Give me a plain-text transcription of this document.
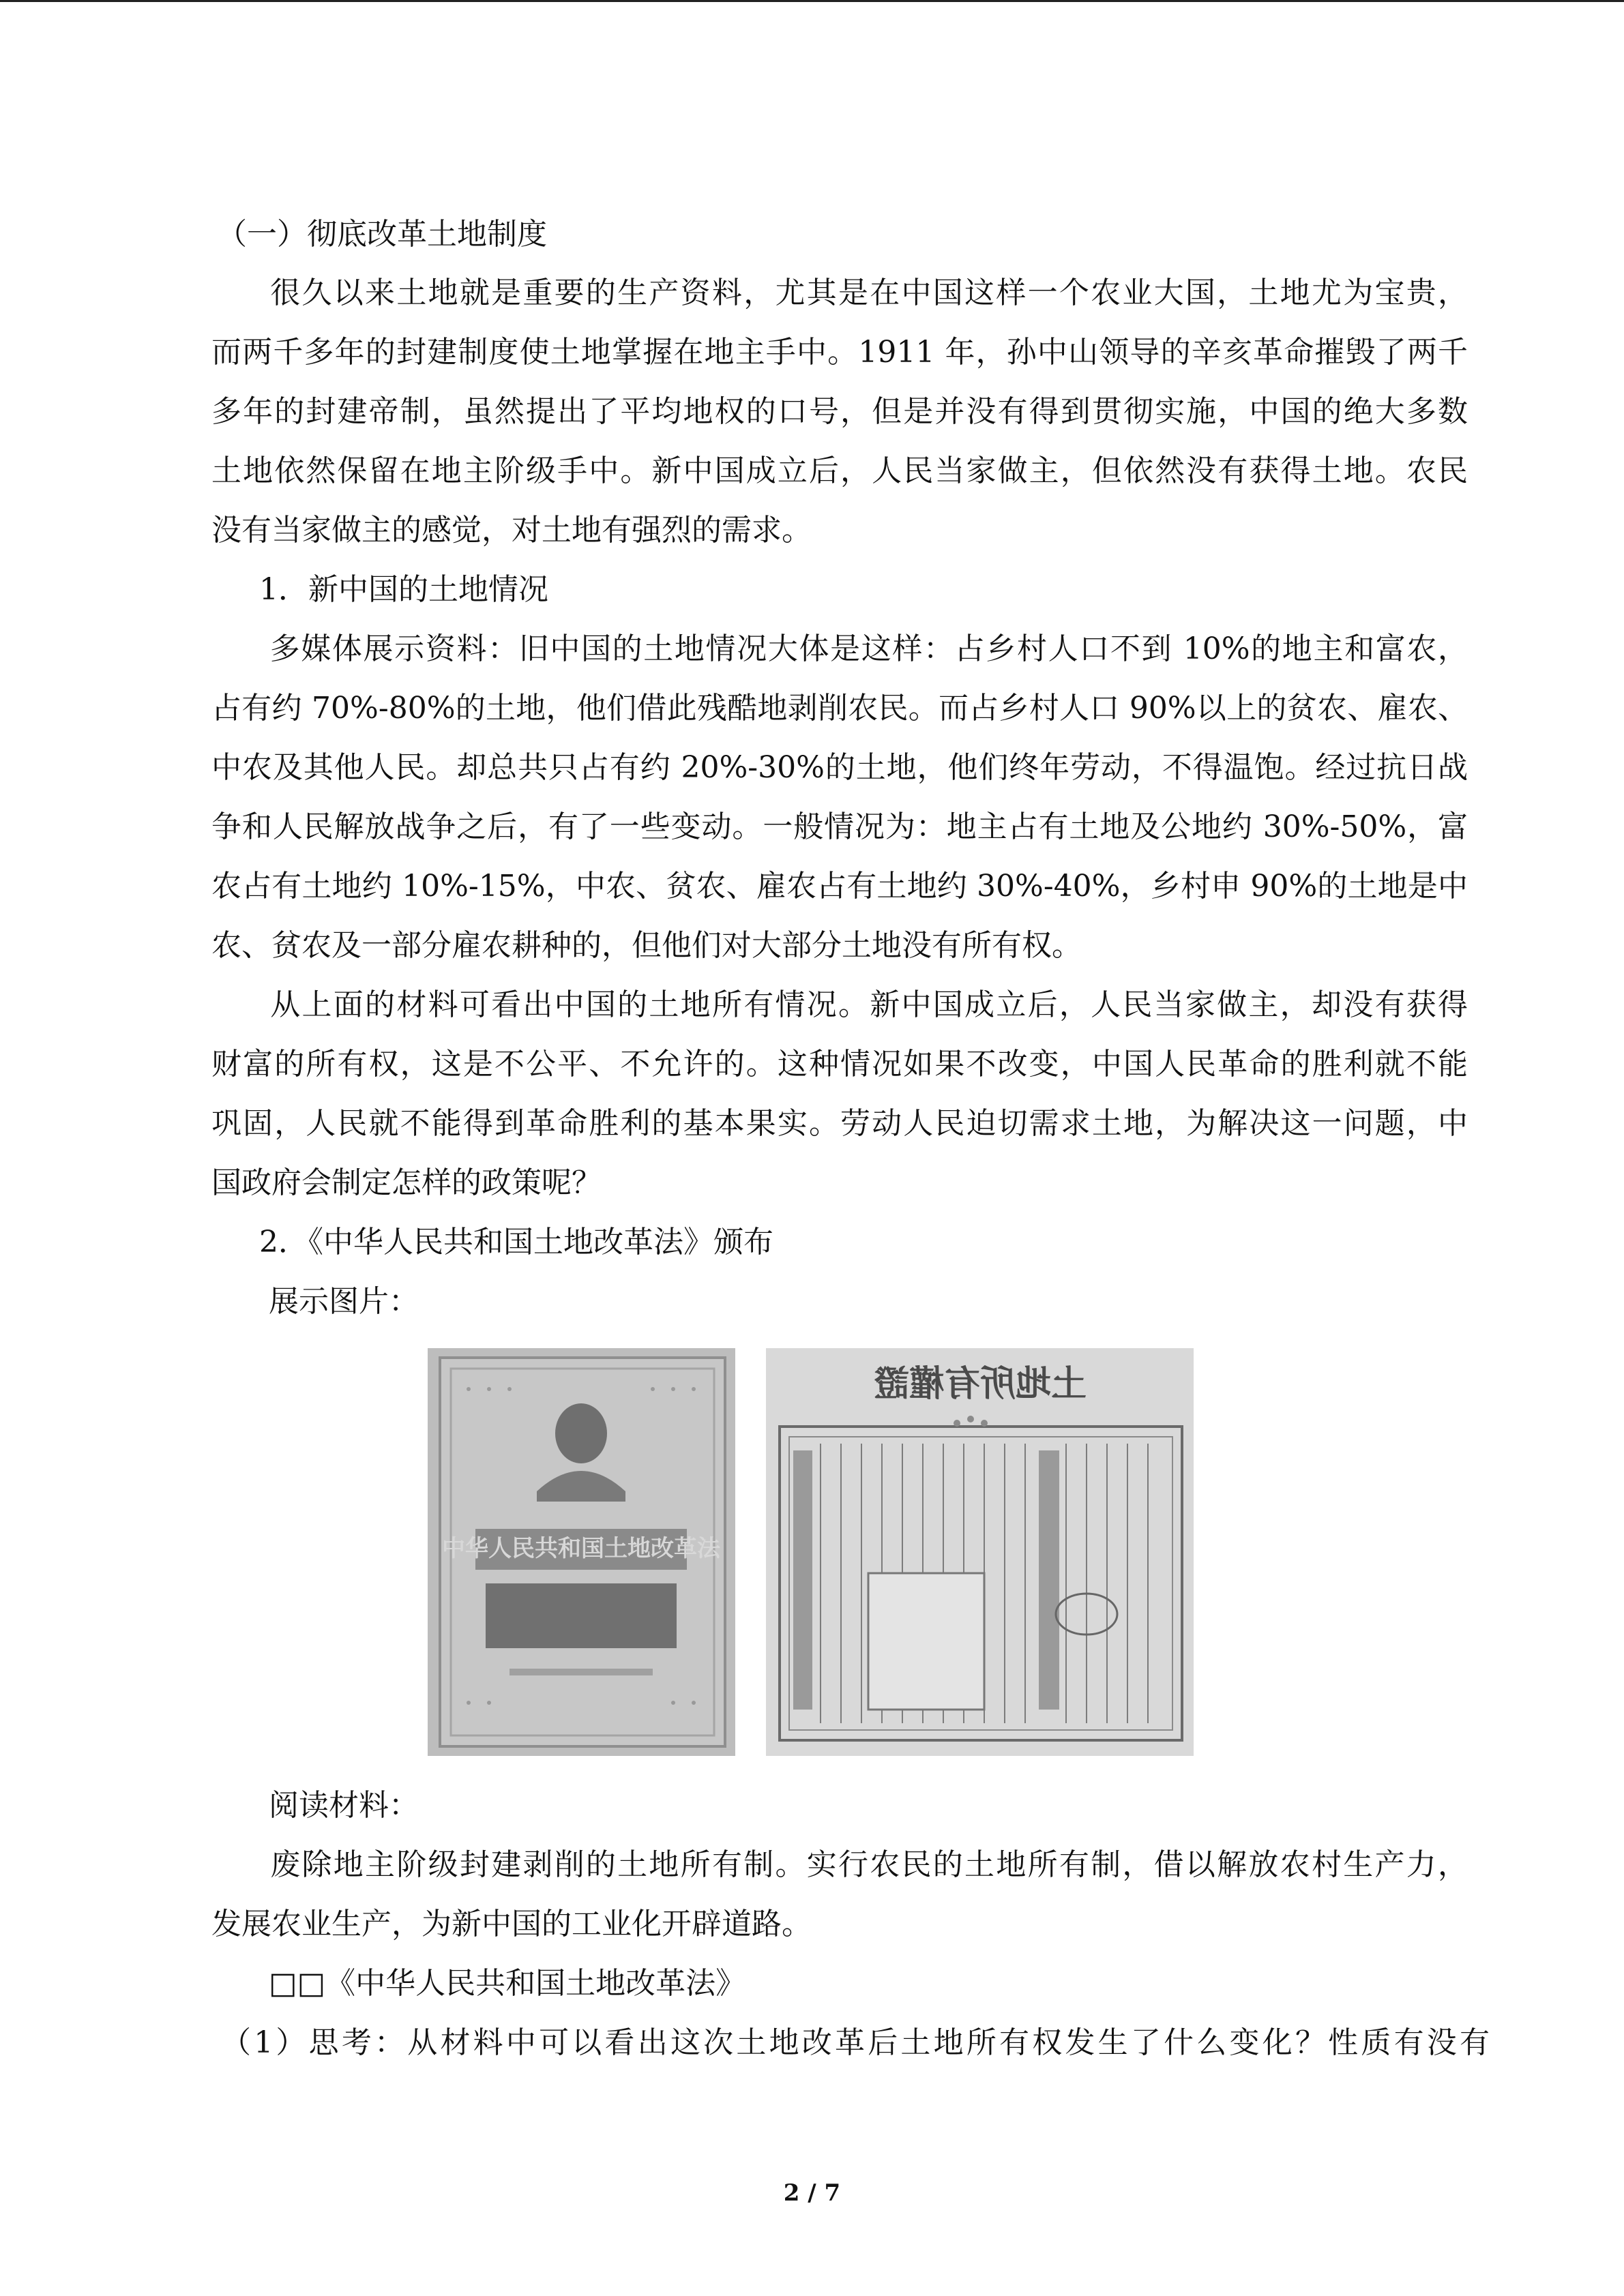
（一）彻底改革土地制度
很久以来土地就是重要的生产资料，尤其是在中国这样一个农业大国，土地尤为宝贵，
而两千多年的封建制度使土地掌握在地主手中。1911 年，孙中山领导的辛亥革命摧毁了两千
多年的封建帝制，虽然提出了平均地权的口号，但是并没有得到贯彻实施，中国的绝大多数
土地依然保留在地主阶级手中。新中国成立后，人民当家做主，但依然没有获得土地。农民
没有当家做主的感觉，对土地有强烈的需求。
1．新中国的土地情况
多媒体展示资料：旧中国的土地情况大体是这样：占乡村人口不到 10%的地主和富农，
占有约 70%-80%的土地，他们借此残酷地剥削农民。而占乡村人口 90%以上的贫农、雇农、
中农及其他人民。却总共只占有约 20%-30%的土地，他们终年劳动，不得温饱。经过抗日战
争和人民解放战争之后，有了一些变动。一般情况为：地主占有土地及公地约 30%-50%，富
农占有土地约 10%-15%，中农、贫农、雇农占有土地约 30%-40%，乡村申 90%的土地是中
农、贫农及一部分雇农耕种的，但他们对大部分土地没有所有权。
从上面的材料可看出中国的土地所有情况。新中国成立后，人民当家做主，却没有获得
财富的所有权，这是不公平、不允许的。这种情况如果不改变，中国人民革命的胜利就不能
巩固，人民就不能得到革命胜利的基本果实。劳动人民迫切需求土地，为解决这一问题，中
国政府会制定怎样的政策呢？
2．《中华人民共和国土地改革法》颁布
展示图片：
阅读材料：
废除地主阶级封建剥削的土地所有制。实行农民的土地所有制，借以解放农村生产力，
发展农业生产，为新中国的工业化开辟道路。
□□《中华人民共和国土地改革法》
（1）思考：从材料中可以看出这次土地改革后土地所有权发生了什么变化？性质有没有
中华人民共和国土地改革法
土地所有權證
2 / 7
